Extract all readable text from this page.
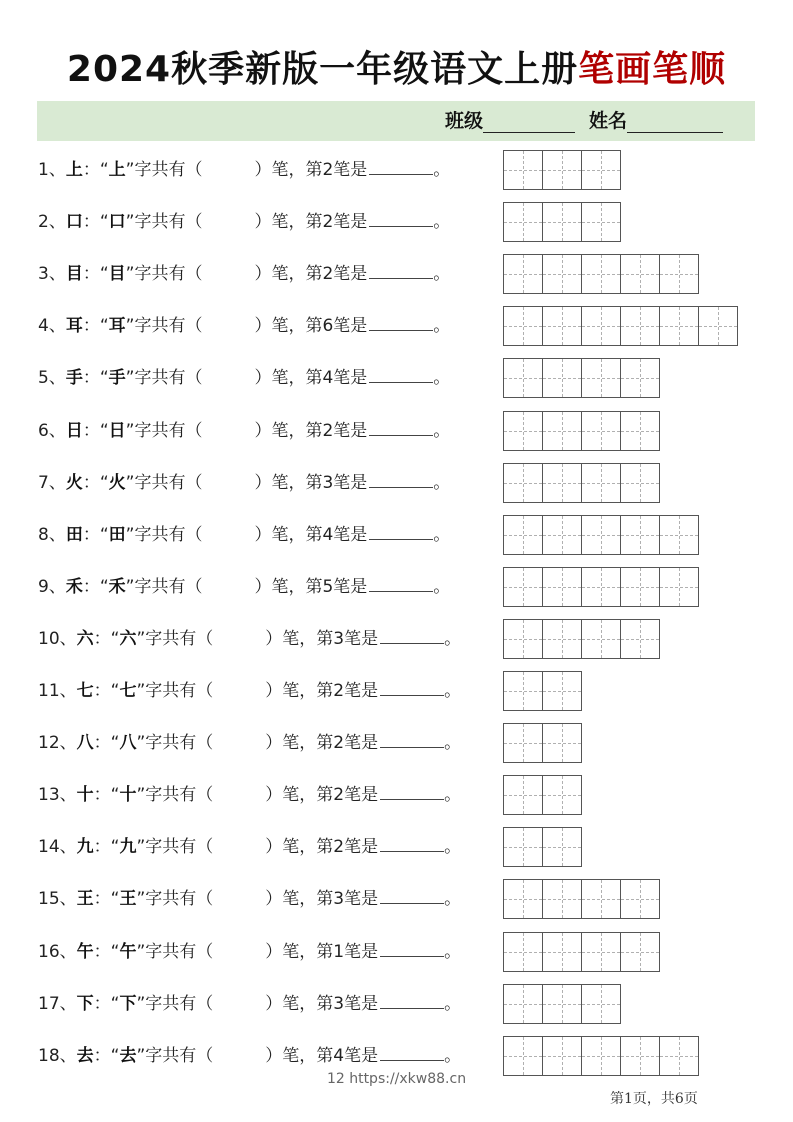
2024秋季新版一年级语文上册笔画笔顺
班级	姓名
1、上：“上”字共有（	）笔，第2笔是	。
2、口：“口”字共有（	）笔，第2笔是	。
3、目：“目”字共有（	）笔，第2笔是	。
4、耳：“耳”字共有（	）笔，第6笔是	。
5、手：“手”字共有（	）笔，第4笔是	。
6、日：“日”字共有（	）笔，第2笔是	。
7、火：“火”字共有（	）笔，第3笔是	。
8、田：“田”字共有（	）笔，第4笔是	。
9、禾：“禾”字共有（	）笔，第5笔是	。
10、六：“六”字共有（	）笔，第3笔是	。
11、七：“七”字共有（	）笔，第2笔是	。
12、八：“八”字共有（	）笔，第2笔是	。
13、十：“十”字共有（	）笔，第2笔是	。
14、九：“九”字共有（	）笔，第2笔是	。
15、王：“王”字共有（	）笔，第3笔是	。
16、午：“午”字共有（	）笔，第1笔是	。
17、下：“下”字共有（	）笔，第3笔是	。
18、去：“去”字共有（	）笔，第4笔是	。
12 https://xkw88.cn
第1页，共6页
